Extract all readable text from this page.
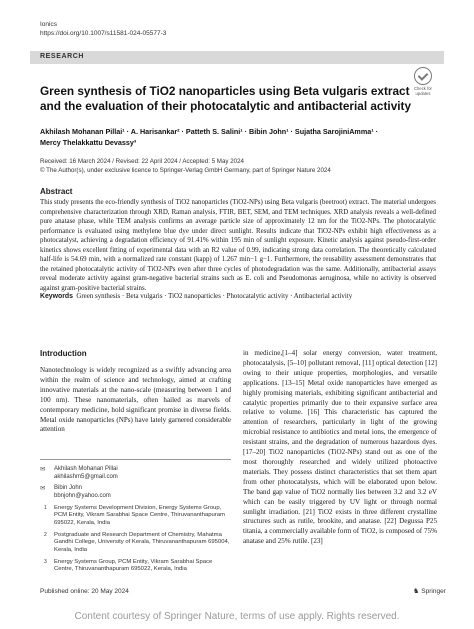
Ionics
https://doi.org/10.1007/s11581-024-05577-3
RESEARCH
Check for updates
Green synthesis of TiO2 nanoparticles using Beta vulgaris extract and the evaluation of their photocatalytic and antibacterial activity
Akhilash Mohanan Pillai¹ · A. Harisankar² · Patteth S. Salini¹ · Bibin John¹ · Sujatha SarojiniAmma¹ ·
Mercy Thelakkattu Devassy³
Received: 16 March 2024 / Revised: 22 April 2024 / Accepted: 5 May 2024
© The Author(s), under exclusive licence to Springer-Verlag GmbH Germany, part of Springer Nature 2024
Abstract
This study presents the eco-friendly synthesis of TiO2 nanoparticles (TiO2-NPs) using Beta vulgaris (beetroot) extract. The material undergoes comprehensive characterization through XRD, Raman analysis, FTIR, BET, SEM, and TEM techniques. XRD analysis reveals a well-defined pure anatase phase, while TEM analysis confirms an average particle size of approximately 12 nm for the TiO2-NPs. The photocatalytic performance is evaluated using methylene blue dye under direct sunlight. Results indicate that TiO2-NPs exhibit high effectiveness as a photocatalyst, achieving a degradation efficiency of 91.41% within 195 min of sunlight exposure. Kinetic analysis against pseudo-first-order kinetics shows excellent fitting of experimental data with an R2 value of 0.99, indicating strong data correlation. The theoretically calculated half-life is 54.69 min, with a normalized rate constant (kapp) of 1.267 min−1 g−1. Furthermore, the reusability assessment demonstrates that the retained photocatalytic activity of TiO2-NPs even after three cycles of photodegradation was the same. Additionally, antibacterial assays reveal moderate activity against gram-negative bacterial strains such as E. coli and Pseudomonas aeruginosa, while no activity is observed against gram-positive bacterial strains.
Keywords Green synthesis · Beta vulgaris · TiO2 nanoparticles · Photocatalytic activity · Antibacterial activity
Introduction
Nanotechnology is widely recognized as a swiftly advancing area within the realm of science and technology, aimed at crafting innovative materials at the nano-scale (measuring between 1 and 100 nm). These nanomaterials, often hailed as marvels of contemporary medicine, hold significant promise in diverse fields. Metal oxide nanoparticles (NPs) have lately garnered considerable attention
in medicine,[1–4] solar energy conversion, water treatment, photocatalysis, [5–10] pollutant removal, [11] optical detection [12] owing to their unique properties, morphologies, and versatile applications. [13–15] Metal oxide nanoparticles have emerged as highly promising materials, exhibiting significant antibacterial and catalytic properties primarily due to their expansive surface area relative to volume. [16] This characteristic has captured the attention of researchers, particularly in light of the growing microbial resistance to antibiotics and metal ions, the emergence of resistant strains, and the degradation of numerous hazardous dyes. [17–20] TiO2 nanoparticles (TiO2-NPs) stand out as one of the most thoroughly researched and widely utilized photoactive materials. They possess distinct characteristics that set them apart from other photocatalysts, which will be elaborated upon below. The band gap value of TiO2 normally lies between 3.2 and 3.2 eV which can be easily triggered by UV light or through normal sunlight irradiation. [21] TiO2 exists in three different crystalline structures such as rutile, brookite, and anatase. [22] Degussa P25 titania, a commercially available form of TiO2, is composed of 75% anatase and 25% rutile. [23]
✉ Akhilash Mohanan Pillai
akhilashm5@gmail.com
✉ Bibin John
bbnjohn@yahoo.com
1 Energy Systems Development Division, Energy Systems Group, PCM Entity, Vikram Sarabhai Space Centre, Thiruvananthapuram 695022, Kerala, India
2 Postgraduate and Research Department of Chemistry, Mahatma Gandhi College, University of Kerala, Thiruvananthapuram 695004, Kerala, India
3 Energy Systems Group, PCM Entity, Vikram Sarabhai Space Centre, Thiruvananthapuram 695022, Kerala, India
Published online: 20 May 2024	♞ Springer
Content courtesy of Springer Nature, terms of use apply. Rights reserved.
